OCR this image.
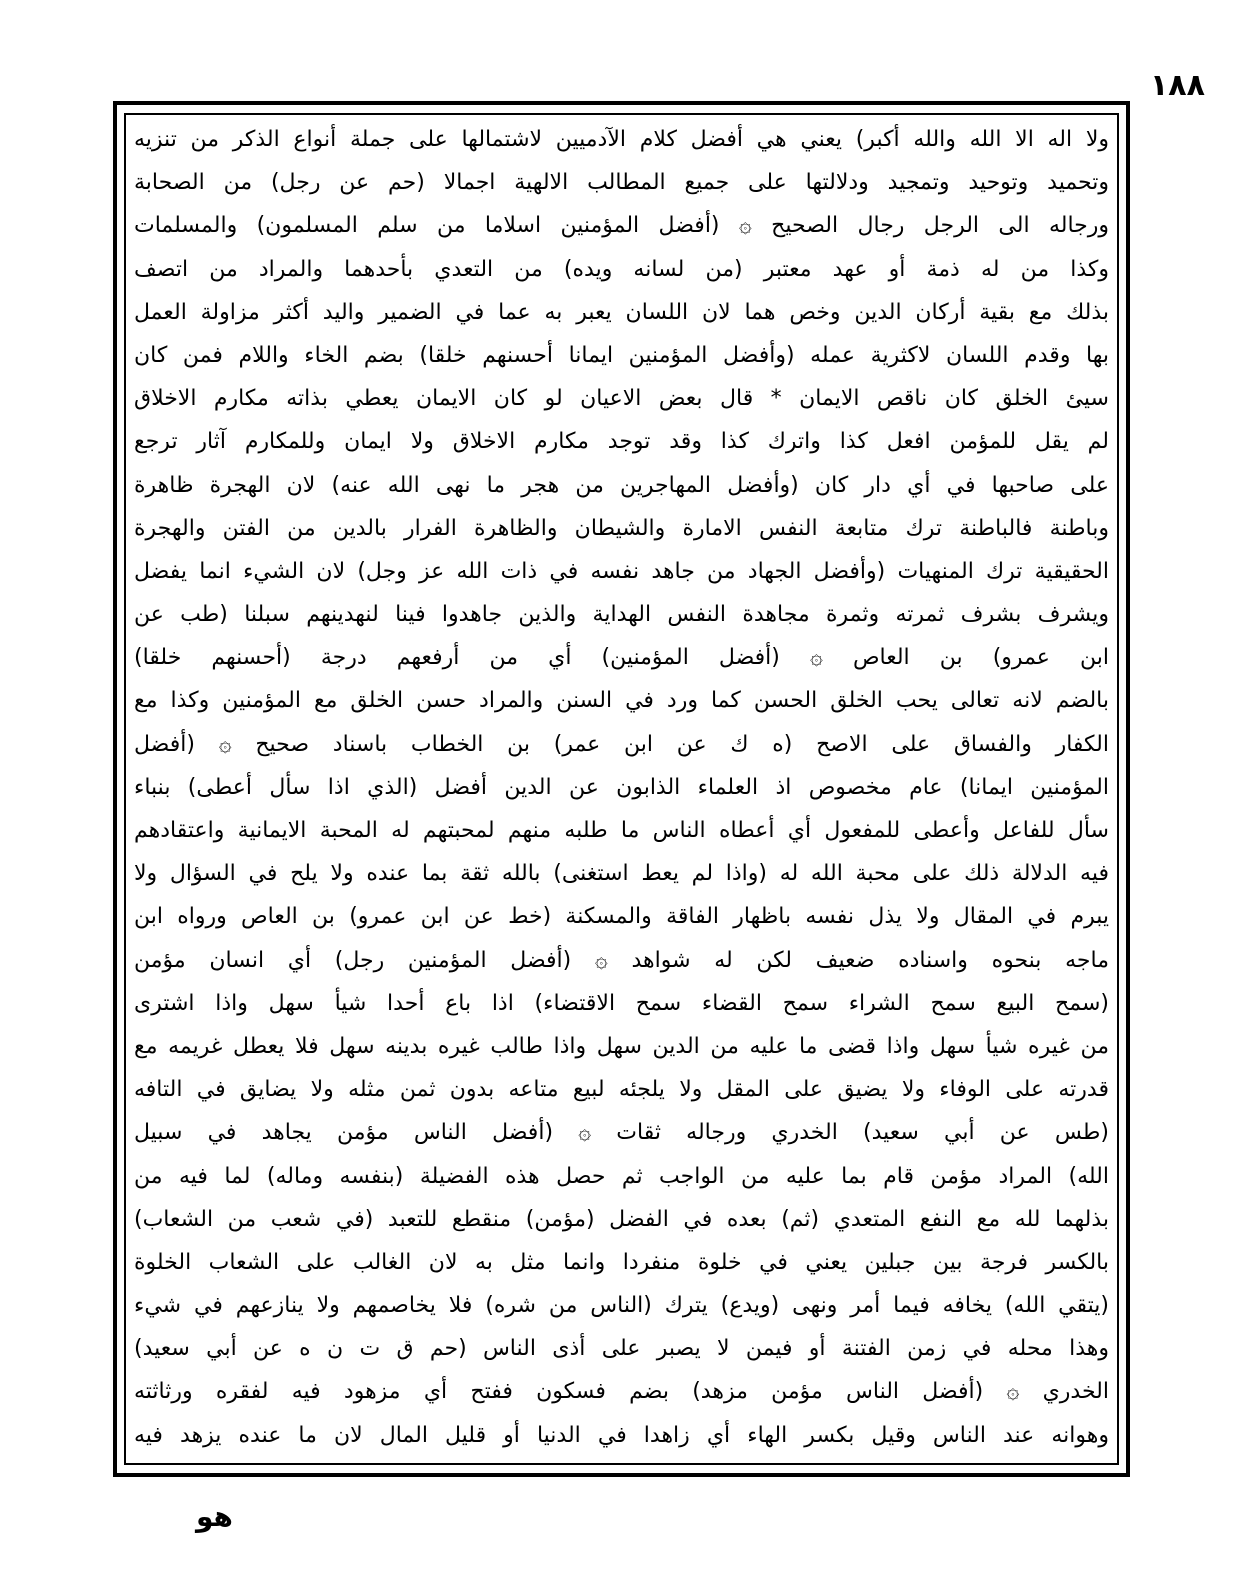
١٨٨
ولا اله الا الله والله أكبر) يعني هي أفضل كلام الآدميين لاشتمالها على جملة أنواع الذكر من تنزيه
وتحميد وتوحيد وتمجيد ودلالتها على جميع المطالب الالهية اجمالا (حم عن رجل) من الصحابة
ورجاله الى الرجل رجال الصحيح ۞ (أفضل المؤمنين اسلاما من سلم المسلمون) والمسلمات
وكذا من له ذمة أو عهد معتبر (من لسانه ويده) من التعدي بأحدهما والمراد من اتصف
بذلك مع بقية أركان الدين وخص هما لان اللسان يعبر به عما في الضمير واليد أكثر مزاولة العمل
بها وقدم اللسان لاكثرية عمله (وأفضل المؤمنين ايمانا أحسنهم خلقا) بضم الخاء واللام فمن كان
سيئ الخلق كان ناقص الايمان * قال بعض الاعيان لو كان الايمان يعطي بذاته مكارم الاخلاق
لم يقل للمؤمن افعل كذا واترك كذا وقد توجد مكارم الاخلاق ولا ايمان وللمكارم آثار ترجع
على صاحبها في أي دار كان (وأفضل المهاجرين من هجر ما نهى الله عنه) لان الهجرة ظاهرة
وباطنة فالباطنة ترك متابعة النفس الامارة والشيطان والظاهرة الفرار بالدين من الفتن والهجرة
الحقيقية ترك المنهيات (وأفضل الجهاد من جاهد نفسه في ذات الله عز وجل) لان الشيء انما يفضل
ويشرف بشرف ثمرته وثمرة مجاهدة النفس الهداية والذين جاهدوا فينا لنهدينهم سبلنا (طب عن
ابن عمرو) بن العاص ۞ (أفضل المؤمنين) أي من أرفعهم درجة (أحسنهم خلقا)
بالضم لانه تعالى يحب الخلق الحسن كما ورد في السنن والمراد حسن الخلق مع المؤمنين وكذا مع
الكفار والفساق على الاصح (ه ك عن ابن عمر) بن الخطاب باسناد صحيح ۞ (أفضل
المؤمنين ايمانا) عام مخصوص اذ العلماء الذابون عن الدين أفضل (الذي اذا سأل أعطى) بنباء
سأل للفاعل وأعطى للمفعول أي أعطاه الناس ما طلبه منهم لمحبتهم له المحبة الايمانية واعتقادهم
فيه الدلالة ذلك على محبة الله له (واذا لم يعط استغنى) بالله ثقة بما عنده ولا يلح في السؤال ولا
يبرم في المقال ولا يذل نفسه باظهار الفاقة والمسكنة (خط عن ابن عمرو) بن العاص ورواه ابن
ماجه بنحوه واسناده ضعيف لكن له شواهد ۞ (أفضل المؤمنين رجل) أي انسان مؤمن
(سمح البيع سمح الشراء سمح القضاء سمح الاقتضاء) اذا باع أحدا شيأ سهل واذا اشترى
من غيره شيأ سهل واذا قضى ما عليه من الدين سهل واذا طالب غيره بدينه سهل فلا يعطل غريمه مع
قدرته على الوفاء ولا يضيق على المقل ولا يلجئه لبيع متاعه بدون ثمن مثله ولا يضايق في التافه
(طس عن أبي سعيد) الخدري ورجاله ثقات ۞ (أفضل الناس مؤمن يجاهد في سبيل
الله) المراد مؤمن قام بما عليه من الواجب ثم حصل هذه الفضيلة (بنفسه وماله) لما فيه من
بذلهما لله مع النفع المتعدي (ثم) بعده في الفضل (مؤمن) منقطع للتعبد (في شعب من الشعاب)
بالكسر فرجة بين جبلين يعني في خلوة منفردا وانما مثل به لان الغالب على الشعاب الخلوة
(يتقي الله) يخافه فيما أمر ونهى (ويدع) يترك (الناس من شره) فلا يخاصمهم ولا ينازعهم في شيء
وهذا محله في زمن الفتنة أو فيمن لا يصبر على أذى الناس (حم ق ت ن ه عن أبي سعيد)
الخدري ۞ (أفضل الناس مؤمن مزهد) بضم فسكون ففتح أي مزهود فيه لفقره ورثاثته
وهوانه عند الناس وقيل بكسر الهاء أي زاهدا في الدنيا أو قليل المال لان ما عنده يزهد فيه
هو
